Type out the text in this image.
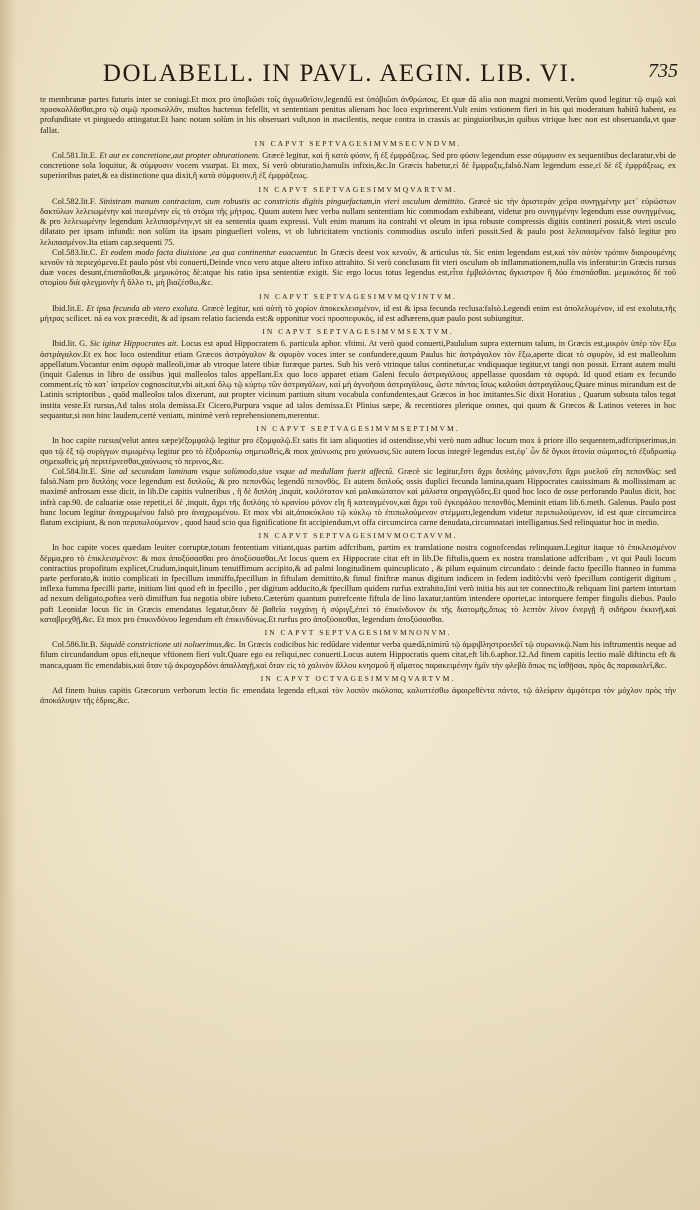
DOLABELL. IN PAVL. AEGIN. LIB. VI.	735

te membranæ partes futuris inter se coniugi.Et mox pro ὑποβιῶσι τοῖς ἀγριωθεῖσιν,legendū est ὑπόβιῶσι ἀνθρώποις. Et quæ dā alia non magni momenti.Verùm quod legitur τῷ σιμῷ καὶ προσκολλᾶσθαι,pro τῷ σιμῷ προσκολλᾶν, multos hactenus fefellit, vt sententiam penitus alienam hoc loco exprimerent.Vult enim vstionem fieri in his qui moderatum habitū habent, ea profunditate vt pinguedo attingatur.Et hanc notam solùm in his obseruari vult,non in macilentis, neque contra in crassis ac pinguioribus,in quibus vtrique hæc non est obseruanda,vt quæ fallat.

IN CAPVT SEPTVAGESIMVMSECVNDVM.

Col.581.lit.E. Et aut ex concretione,aut propter obturationem. Græcè legitur, καὶ ἢ κατὰ φύσιν, ἢ ἐξ ἐμφράξεως. Sed pro φύσιν legendum esse σύμφυσιν ex sequentibus declaratur,vbi de concretione sola loquitur, & σύμφυσιν vocem vsurpat. Et mox, Si verò obturatio,hamulis infixis,&c.In Græcis habetur,εἰ δὲ ἔμφραξις,falsò.Nam legendum esse,εἰ δὲ ἐξ ἐμφράξεως, ex superioribus patet,& ea distinctione qua dixit,ἢ κατὰ σύμφυσιν,ἢ ἐξ ἐμφράξεως.

IN CAPVT SEPTVAGESIMVMQVARTVM.

Col.582.lit.F. Sinistram manum contractam, cum robustis ac constrictis digitis pinguefactam,in vteri osculum demittito. Græcè sic τὴν ἀριστερὰν χεῖρα συνηγμένην μετ᾽ εὐρώστων δακτύλων λελειωμένην καὶ πιεσμένην εἰς τὸ στόμα τῆς μήτρας. Quum autem hæc verba nullam sententiam hic commodam exhibeant, videtur pro συνηγμένην legendum esse συνηγμένως, & pro λελειωμένην legendum λελιπασμένην,vt sit ea sententia quam expressi. Vult enim manum ita contrahi vt oleum in ipsa robuste compressis digitis contineri possit,& vteri osculo dilatato per ipsam infundi: non solùm ita ipsam pinguefieri volens, vt ob lubricitatem vnctionis commodius osculo inferi possit.Sed & paulo post λελιπασμένον falsò legitur pro λελιπασμένον.Ita etiam cap.sequenti 75.

Col.583.lit.C. Et eodem modo facta diuisione ,ea qua continentur euacuentur. In Græcis deest vox κενοῦν, & articulus τὰ. Sic enim legendum est,καὶ τὸν αὐτὸν τρόπον διαιρουμένης κενοῦν τὰ περιεχόμενα.Et paulo pòst vbi conuerti,Deinde vnco vero atque altero infixo attrahito. Si verò conclusum fit vteri osculum ob inflammationem,nulla vis inferatur:in Græcis rursus duæ voces desunt,ἐπισπᾶσθαι,& μεμυκότος δὲ:atque his ratio ipsa sententiæ exigit. Sic ergo locus totus legendus est,εἶτα ἐμβαλόντας ἄγκιστρον ἢ δύο ἐπισπᾶσθαι. μεμυκότος δὲ τοῦ στομίου διὰ φλεγμονὴν ἢ ἄλλο τι, μὴ βιαζέσθω,&c.

IN CAPVT SEPTVAGESIMVMQVINTVM.

Ibid.lit.E. Et ipsa fecunda ab vtero exoluta. Græcè legitur, καὶ αὐτὴ τὸ χορίον ἀποκεκλεισμένον, id est & ipsa fecunda reclusa:falsò.Legendi enim est ἀπολελυμένον, id est exoluta,τῆς μήτρας scilicet. ná ea vox præcedit, & ad ipsam relatio facienda est:& opponitur voci προσπεφυκὸς, id est adhærens,quæ paulo post subiungitur.

IN CAPVT SEPTVAGESIMVMSEXTVM.

Ibid.lit. G. Sic igitur Hippocrates ait. Locus est apud Hippocratem 6. particula aphor. vltimi. At verò quod conuerti,Paululum supra externum talum, in Græcis est,μικρὸν ὑπὲρ τὸν ἔξω ἀστράγαλον.Et ex hoc loco ostenditur etiam Græcos ἀστράγαλον & σφυρὸν voces inter se confundere,quum Paulus hic ἀστράγαλον τὸν ἔξω,aperte dicat τὸ σφυρὸν, id est malleolum appellatum.Vocantur enim σφυρὰ malleoli,imæ ab vtroque latere tibiæ furæque partes. Sub his verò vtrinque talus continetur,ac vndiquaque tegitur,vt tangi non possit. Errant autem multi (inquit Galenus in libro de ossibus )qui malleolos talos appellant.Ex quo loco apparet etiam Galeni feculo ἀστραγάλους appellasse quosdam τὰ σφυρά. Id quod etiam ex fecundo comment.εἰς τὸ κατ᾽ ἰατρεῖον cognoscitur,vbi ait,καὶ ὅλῳ τῷ κύρτῳ τῶν ἀστραγάλων, καὶ μὴ ἀγνοῆσαι ἀστραγάλους, ὥστε πάντας ἴσως καλοῦσι ἀστραγάλους.Quare minus mirandum est de Latinis scriptoribus , quòd malleolos talos dixerunt, aut propter vicinum partium situm vocabula confundentes,aut Græcos in hoc imitantes.Sic dixit Horatius , Quarum subsuta talos tegat instita veste.Et rursus,Ad talos stola demissa.Et Cicero,Purpura vsque ad talos demissa.Et Plinius sæpe, & recentiores plerique omnes, qui quum & Græcos & Latinos veteres in hoc sequantur,si non hinc laudem,certè veniam, minimè verò reprehensionem,merentur.

IN CAPVT SEPTVAGESIMVMSEPTIMVM.

In hoc capite rursus(velut antea sæpe)ἐξομφαλῷ legitur pro ἐξομφαλῷ.Et satis fit iam aliquoties id ostendisse,vbi verò num adhuc locum mox à priore illo sequentem,adfcripserimus,in quo τῷ ἐξ τῷ συρίγγων σιμωμένῳ legitur pro τὸ ἐξυδρωπίῳ σημειωθεὶς,& mox χαύνωσις pro χαύνωσις.Sic autem locus integrè legendus est,ἐφ᾽ ὧν δὲ ὄγκοι ἀτονία σώματος,τὸ ἐξυδρωπίῳ σημειωθεὶς μὴ περιτέμνεσθαι,χαύνωσις τὸ περινος,&c.

Col.584.lit.E. Sine ad secundam laminam vsque solùmodo,siue vsque ad medullam fuerit affectũ. Græcè sic legitur,ἔστι ἄχρι διπλόης μόνον,ἔστι ἄχρι μυελοῦ εἴη πεπονθὼς: sed falsò.Nam pro διπλόης voce legendum est διπλοῦς, & pro πεπονθὼς legendū πεπονθὸς. Et autem διπλοῦς ossis duplici fecunda lamina,quam Hippocrates cauissimam & mollissimam ac maximè anfrosam esse dicit, in lib.De capitis vulneribus , ἢ δὲ διπλόη ,inquit, κοιλότατον καὶ μαλακώτατον καὶ μάλιστα σηραγγῶδες.Et quod hoc loco de osse perforando Paulus dicit, hoc infrà cap.90. de caluariæ osse repetit,εἰ δὲ ,inquit, ἄχρι τῆς διπλόης τὸ κρανίου μόνον εἴη ἢ κατεαγμένον,καὶ ἄχρι τοῦ ἐγκεφάλου πεπονθὸς.Meminit etiam lib.6.meth. Galenus. Paulo post hunc locum legitur ἀναχρωμένου falsò pro ἀναχρωμένου. Et mox vbi ait,ἀποκύκλου τῷ κύκλῳ τὸ ἐπιπωλούμενον στέμματι,legendum videtur περιπωλούμενον, id est quæ circumcirca flatum excipiunt, & non περιπωλούμενον , quod haud scio qua fignificatione fit accipiendum,vt offa circumcirca carne denudata,circumnatari intelligamus.Sed relinquatur hoc in medio.

IN CAPVT SEPTVAGESIMVMOCTAVVM.

In hoc capite voces quædam leuiter corruptæ,totam fententiam vitiant,quas partim adfcribam, partim ex translatione nostra cognofcendas relinquam.Legitur itaque τὸ ἐπικλεισμένον δέρμα,pro τὸ ἐπικλεισμένον: & mox ἀποξύσασθαι pro ἀποξύσασθαι.At locus quem ex Hippocrate citat eft in lib.De fiftulis,quem ex nostra translatione adfcribam , vt qui Pauli locum contractius propofitum explicet,Crudum,inquit,linum tenuiffimum accipito,& ad palmi longitudinem quincuplicato , & pilum equinum circundato : deinde facto fpecillo ftanneo in fumma parte perforato,& initio complicati in fpecillum immiffo,fpecillum in fiftulam demittito,& fimul finiftræ manus digitum indicem in fedem inditò:vbi verò fpecillum contigerit digitum , inflexa fumma fpecilli parte, initium lini quod eft in fpecillo , per digitum adducito,& fpecillum quidem rurfus extrahito,lini verò initia bis aut ter connectito,& reliquam lini partem intortam ad nexum deligato,poftea verò dimiffum fua negotia obire iubeto.Cæterùm quantum putrefcente fiftula de lino laxatur,tantùm intendere oportet,ac intorquere femper fingulis diebus. Paulo poft Leonidæ locus fic in Græcis emendatus legatur,ὅταν δὲ βαθεῖα τυγχάνῃ ἡ σύριγξ,ἐπεὶ τὸ ἐπικίνδυνον ἐκ τῆς διατομῆς,ὅπως τὸ λεπτὸν λίνον ἐνεργῇ ἢ σιδήρου ἐκκινῇ,καὶ καταβρεχθῇ,&c. Et mox pro ἐπικινδύνου legendum eft ἐπικινδύνως.Et rurfus pro ἀποξύσασθαι, legendum ἀποξύσασθαι.

IN CAPVT SEPTVAGESIMVMNONVM.

Col.586.lit.B. Siquidè constrictione uti noluerimus,&c. In Græcis codicibus hic redūdare videntur verba quædā,nimirū τῷ ἀμφιβληστροειδεῖ τῷ συρωνικῷ.Nam his inftrumentis neque ad filum circundandum opus eft,neque vftionem fieri vult.Quare ego ea reliqui,nec conuerti.Locus autem Hippocratis quem citat,eft lib.6.aphor.12.Ad finem capitis lectio malè diftincta eft & manca,quam fic emendabis,καὶ ὅταν τῷ ἀκροχορδόνι ἀπαλλαγῇ,καὶ ὅταν εἰς τὸ χαλινὸν ἄλλου κνησμοῦ ἢ αἵματος παρακειμένην ἡμῖν τὴν φλεβὰ ὅπως τις ἰαθῇσαι, πρὸς ἃς παρακαλεῖ,&c.

IN CAPVT OCTVAGESIMVMQVARTVM.

Ad finem huius capitis Græcorum verborum lectio fic emendata legenda eft,καὶ τὸν λοιπὸν σκόλοπα, καλυπτέσθω ἀφαιρεθέντα πάντα, τῷ ἀλείφειν ἀμφότερα τὸν μόχλον πρὸς τὴν ἀποκάλυψιν τῆς ἑδρας,&c.
